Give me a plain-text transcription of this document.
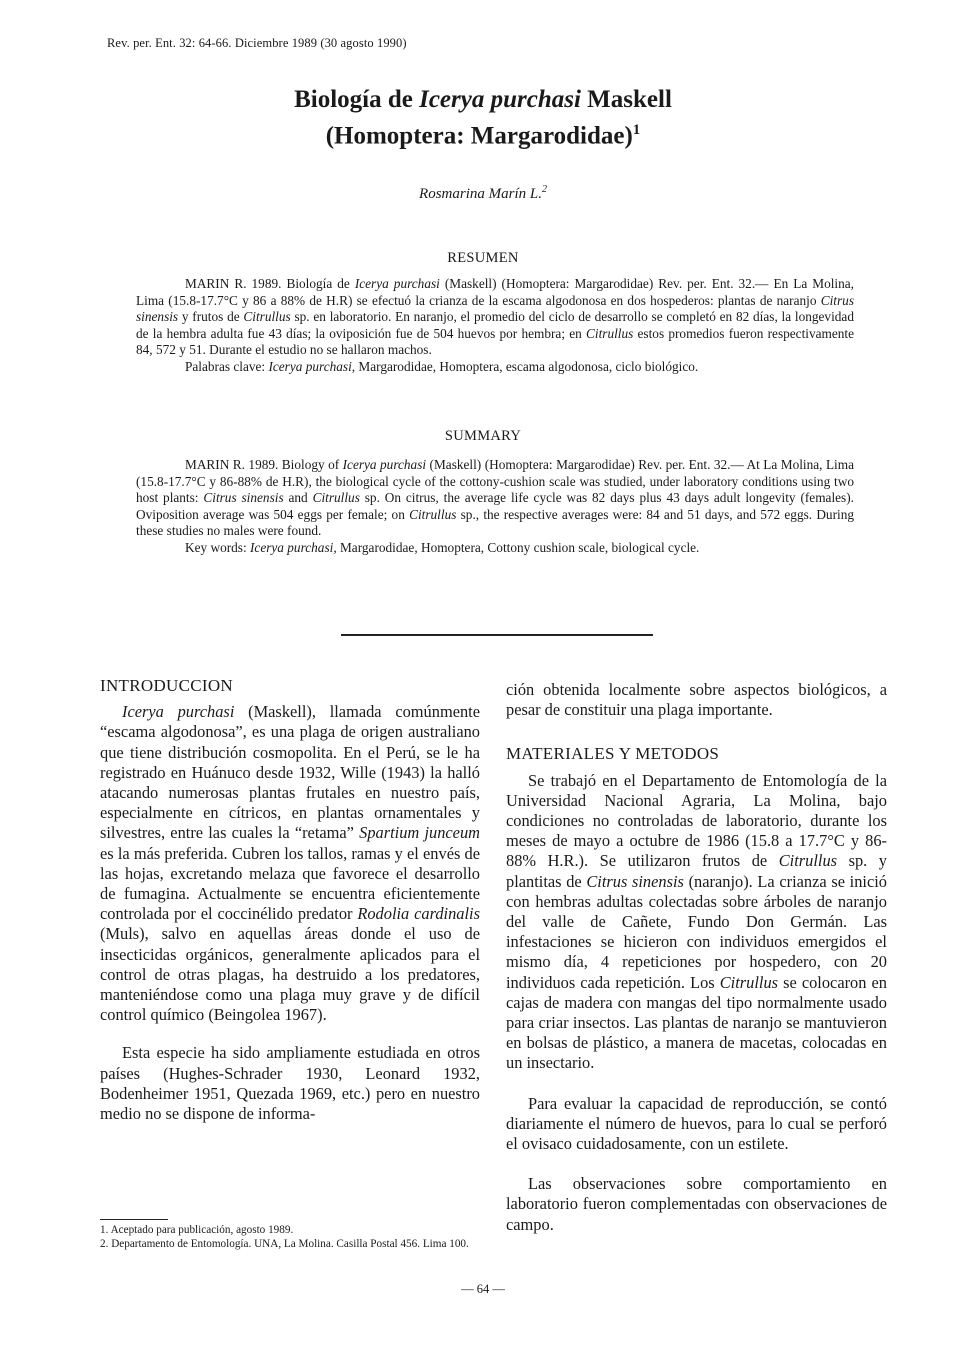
Rev. per. Ent. 32: 64-66. Diciembre 1989 (30 agosto 1990)
Biología de Icerya purchasi Maskell
(Homoptera: Margarodidae)$^1$
Rosmarina Marín L.$^2$
RESUMEN

MARIN R. 1989. Biología de Icerya purchasi (Maskell) (Homoptera: Margarodidae) Rev. per. Ent. 32.— En La Molina, Lima (15.8-17.7°C y 86 a 88% de H.R) se efectuó la crianza de la escama algodonosa en dos hospederos: plantas de naranjo Citrus sinensis y frutos de Citrullus sp. en laboratorio. En naranjo, el promedio del ciclo de desarrollo se completó en 82 días, la longevidad de la hembra adulta fue 43 días; la oviposición fue de 504 huevos por hembra; en Citrullus estos promedios fueron respectivamente 84, 572 y 51. Durante el estudio no se hallaron machos.

Palabras clave: Icerya purchasi, Margarodidae, Homoptera, escama algodonosa, ciclo biológico.

SUMMARY

MARIN R. 1989. Biology of Icerya purchasi (Maskell) (Homoptera: Margarodidae) Rev. per. Ent. 32.— At La Molina, Lima (15.8-17.7°C y 86-88% de H.R), the biological cycle of the cottony-cushion scale was studied, under laboratory conditions using two host plants: Citrus sinensis and Citrullus sp. On citrus, the average life cycle was 82 days plus 43 days adult longevity (females). Oviposition average was 504 eggs per female; on Citrullus sp., the respective averages were: 84 and 51 days, and 572 eggs. During these studies no males were found.

Key words: Icerya purchasi, Margarodidae, Homoptera, Cottony cushion scale, biological cycle.

INTRODUCCION

Icerya purchasi (Maskell), llamada comúnmente “escama algodonosa”, es una plaga de origen australiano que tiene distribución cosmopolita. En el Perú, se le ha registrado en Huánuco desde 1932, Wille (1943) la halló atacando numerosas plantas frutales en nuestro país, especialmente en cítricos, en plantas ornamentales y silvestres, entre las cuales la “retama” Spartium junceum es la más preferida. Cubren los tallos, ramas y el envés de las hojas, excretando melaza que favorece el desarrollo de fumagina. Actualmente se encuentra eficientemente controlada por el coccinélido predator Rodolia cardinalis (Muls), salvo en aquellas áreas donde el uso de insecticidas orgánicos, generalmente aplicados para el control de otras plagas, ha destruido a los predatores, manteniéndose como una plaga muy grave y de difícil control químico (Beingolea 1967).

Esta especie ha sido ampliamente estudiada en otros países (Hughes-Schrader 1930, Leonard 1932, Bodenheimer 1951, Quezada 1969, etc.) pero en nuestro medio no se dispone de informa-

ción obtenida localmente sobre aspectos biológicos, a pesar de constituir una plaga importante.

MATERIALES Y METODOS

Se trabajó en el Departamento de Entomología de la Universidad Nacional Agraria, La Molina, bajo condiciones no controladas de laboratorio, durante los meses de mayo a octubre de 1986 (15.8 a 17.7°C y 86-88% H.R.). Se utilizaron frutos de Citrullus sp. y plantitas de Citrus sinensis (naranjo). La crianza se inició con hembras adultas colectadas sobre árboles de naranjo del valle de Cañete, Fundo Don Germán. Las infestaciones se hicieron con individuos emergidos el mismo día, 4 repeticiones por hospedero, con 20 individuos cada repetición. Los Citrullus se colocaron en cajas de madera con mangas del tipo normalmente usado para criar insectos. Las plantas de naranjo se mantuvieron en bolsas de plástico, a manera de macetas, colocadas en un insectario.

Para evaluar la capacidad de reproducción, se contó diariamente el número de huevos, para lo cual se perforó el ovisaco cuidadosamente, con un estilete.

Las observaciones sobre comportamiento en laboratorio fueron complementadas con observaciones de campo.

1. Aceptado para publicación, agosto 1989.
2. Departamento de Entomología. UNA, La Molina. Casilla Postal 456. Lima 100.
— 64 —
